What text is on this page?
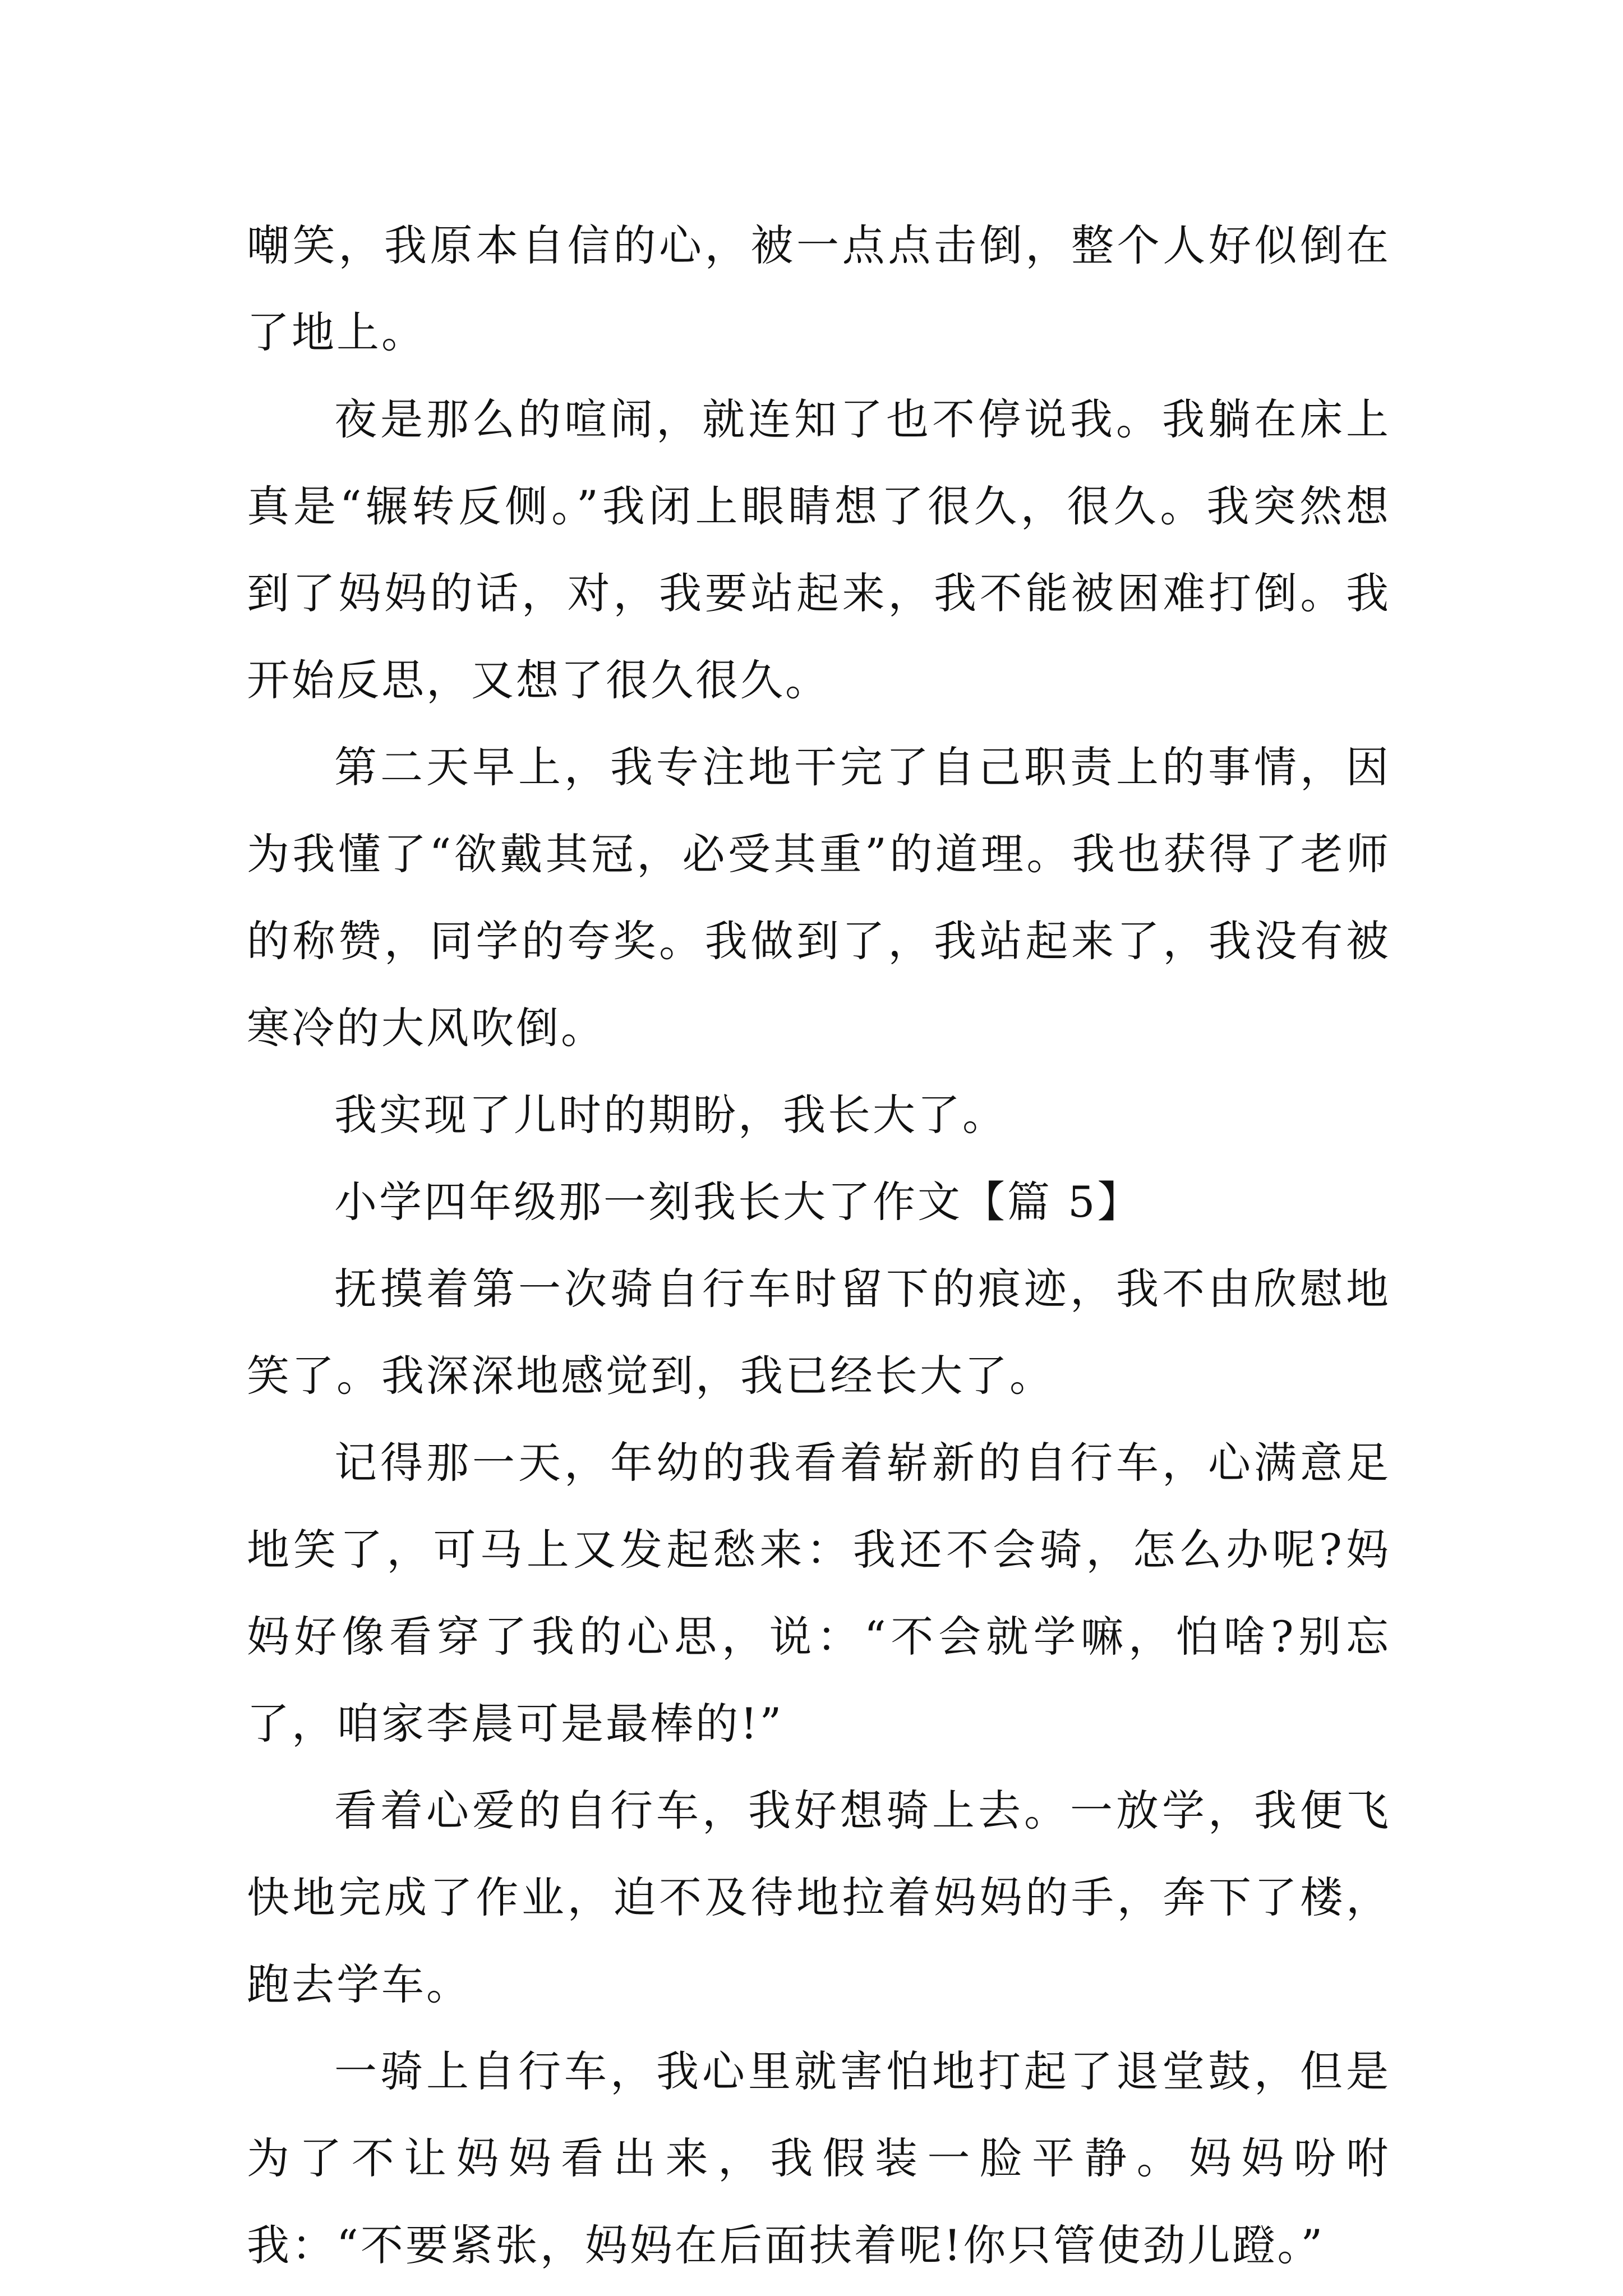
嘲笑，我原本自信的心，被一点点击倒，整个人好似倒在了地上。

夜是那么的喧闹，就连知了也不停说我。我躺在床上真是“辗转反侧。”我闭上眼睛想了很久，很久。我突然想到了妈妈的话，对，我要站起来，我不能被困难打倒。我开始反思，又想了很久很久。

第二天早上，我专注地干完了自己职责上的事情，因为我懂了“欲戴其冠，必受其重”的道理。我也获得了老师的称赞，同学的夸奖。我做到了，我站起来了，我没有被寒冷的大风吹倒。

我实现了儿时的期盼，我长大了。

小学四年级那一刻我长大了作文【篇 5】

抚摸着第一次骑自行车时留下的痕迹，我不由欣慰地笑了。我深深地感觉到，我已经长大了。

记得那一天，年幼的我看着崭新的自行车，心满意足地笑了，可马上又发起愁来：我还不会骑，怎么办呢?妈妈好像看穿了我的心思，说：“不会就学嘛，怕啥?别忘了，咱家李晨可是最棒的!”

看着心爱的自行车，我好想骑上去。一放学，我便飞快地完成了作业，迫不及待地拉着妈妈的手，奔下了楼，跑去学车。

一骑上自行车，我心里就害怕地打起了退堂鼓，但是为了不让妈妈看出来，我假装一脸平静。妈妈吩咐我：“不要紧张，妈妈在后面扶着呢!你只管使劲儿蹬。”
